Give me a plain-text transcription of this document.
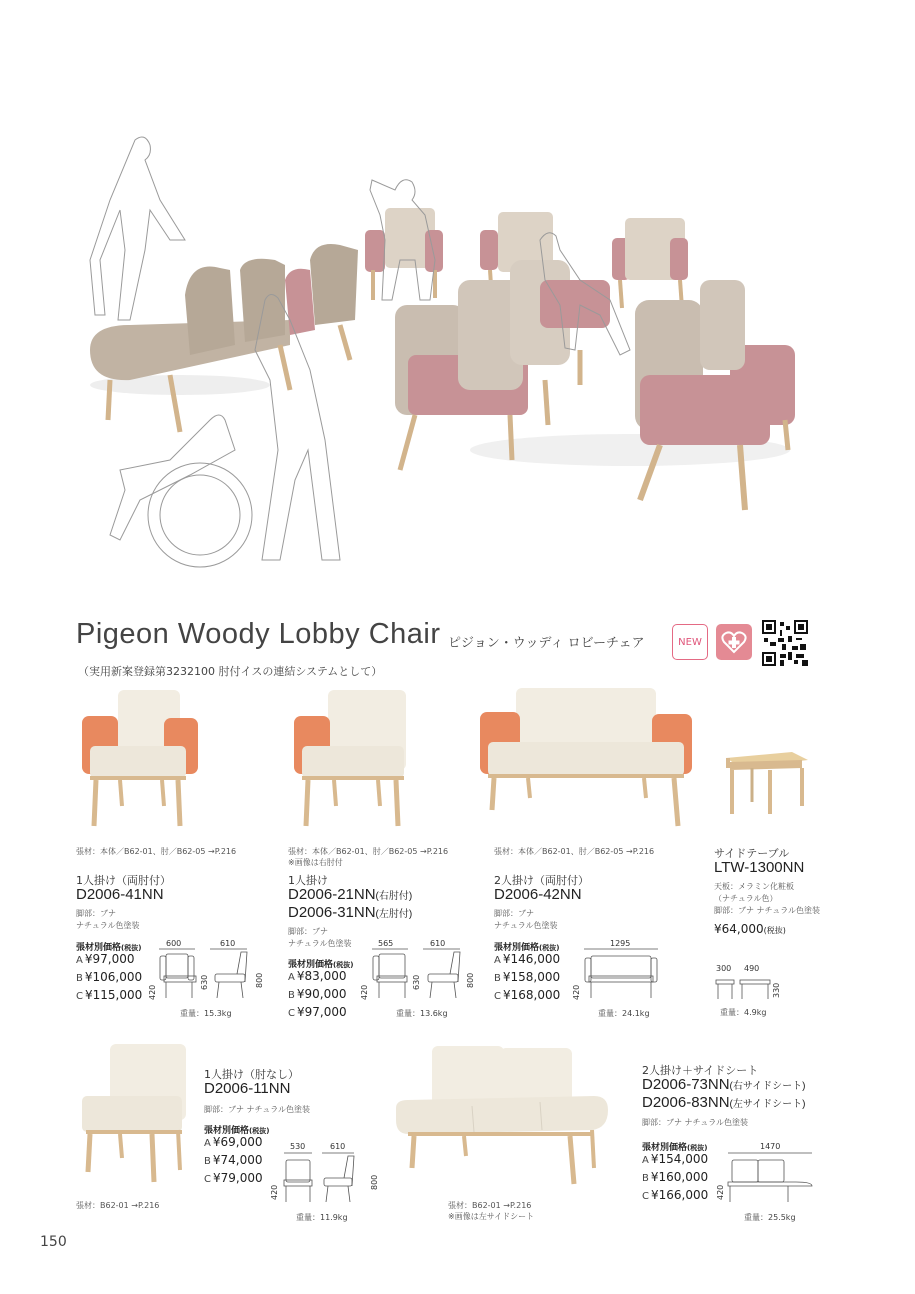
Pigeon Woody Lobby Chair ピジョン・ウッディ ロビーチェア	NEW
（実用新案登録第3232100 肘付イスの連結システムとして）
張材：本体／B62-01、肘／B62-05 →P.216
1人掛け（両肘付）
D2006-41NN
脚部：ブナ
ナチュラル色塗装
張材別価格(税抜)
A ¥97,000
B ¥106,000
C ¥115,000
600	610
420
630	800
重量：15.3kg
張材：本体／B62-01、肘／B62-05 →P.216
※画像は右肘付
1人掛け
D2006-21NN(右肘付)
D2006-31NN(左肘付)
脚部：ブナ
ナチュラル色塗装
張材別価格(税抜)
A ¥83,000
B ¥90,000
C ¥97,000
565	610
420
630	800
重量：13.6kg
張材：本体／B62-01、肘／B62-05 →P.216
2人掛け（両肘付）
D2006-42NN
脚部：ブナ
ナチュラル色塗装
張材別価格(税抜)
A ¥146,000
B ¥158,000
C ¥168,000
1295
420
重量：24.1kg
サイドテーブル
LTW-1300NN
天板：メラミン化粧板
（ナチュラル色）
脚部：ブナ ナチュラル色塗装
¥64,000(税抜)
300 490
330
重量：4.9kg
張材：B62-01 →P.216
1人掛け（肘なし）
D2006-11NN
脚部：ブナ ナチュラル色塗装
張材別価格(税抜)
A ¥69,000
B ¥74,000
C ¥79,000
530	610
420
800
重量：11.9kg
張材：B62-01 →P.216
※画像は左サイドシート
2人掛け＋サイドシート
D2006-73NN(右サイドシート)
D2006-83NN(左サイドシート)
脚部：ブナ ナチュラル色塗装
張材別価格(税抜)
A ¥154,000
B ¥160,000
C ¥166,000
1470
420
重量：25.5kg
150
